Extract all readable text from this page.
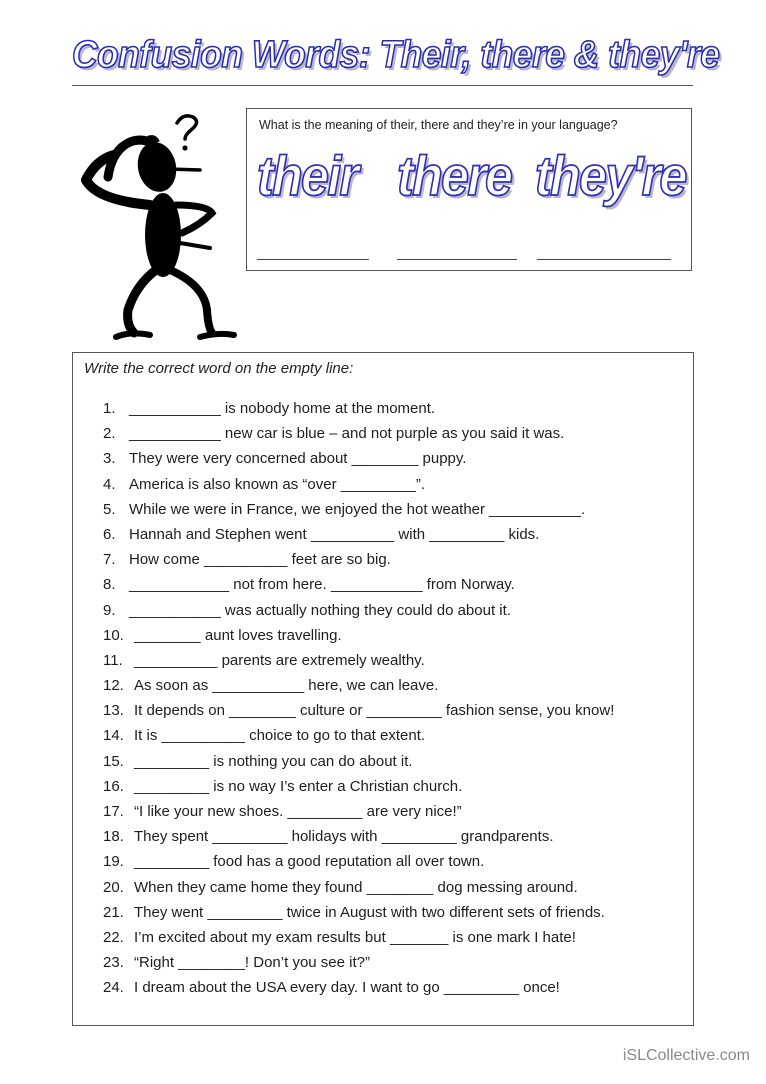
Confusion Words: Their, there & they're
What is the meaning of their, there and they’re in your language?
their there they're
Write the correct word on the empty line:
1. ___________ is nobody home at the moment.
2. ___________ new car is blue – and not purple as you said it was.
3. They were very concerned about ________ puppy.
4. America is also known as “over _________”.
5. While we were in France, we enjoyed the hot weather ___________.
6. Hannah and Stephen went __________ with _________ kids.
7. How come __________ feet are so big.
8. ____________ not from here. ___________ from Norway.
9. ___________ was actually nothing they could do about it.
10. ________ aunt loves travelling.
11. __________ parents are extremely wealthy.
12. As soon as ___________ here, we can leave.
13. It depends on ________ culture or _________ fashion sense, you know!
14. It is __________ choice to go to that extent.
15. _________ is nothing you can do about it.
16. _________ is no way I’s enter a Christian church.
17. “I like your new shoes. _________ are very nice!”
18. They spent _________ holidays with _________ grandparents.
19. _________ food has a good reputation all over town.
20. When they came home they found ________ dog messing around.
21. They went _________ twice in August with two different sets of friends.
22. I’m excited about my exam results but _______ is one mark I hate!
23. “Right ________! Don’t you see it?”
24. I dream about the USA every day. I want to go _________ once!
iSLCollective.com
